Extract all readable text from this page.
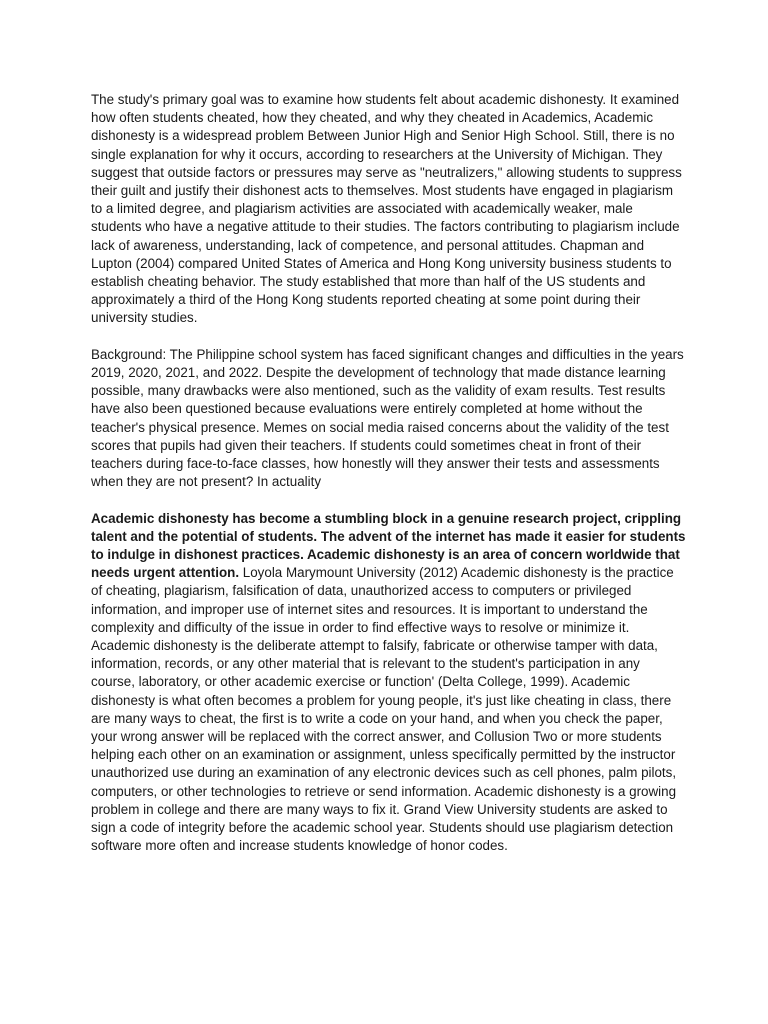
The study's primary goal was to examine how students felt about academic dishonesty. It examined how often students cheated, how they cheated, and why they cheated in Academics, Academic dishonesty is a widespread problem Between Junior High and Senior High School. Still, there is no single explanation for why it occurs, according to researchers at the University of Michigan. They suggest that outside factors or pressures may serve as "neutralizers," allowing students to suppress their guilt and justify their dishonest acts to themselves. Most students have engaged in plagiarism to a limited degree, and plagiarism activities are associated with academically weaker, male students who have a negative attitude to their studies. The factors contributing to plagiarism include lack of awareness, understanding, lack of competence, and personal attitudes. Chapman and Lupton (2004) compared United States of America and Hong Kong university business students to establish cheating behavior. The study established that more than half of the US students and approximately a third of the Hong Kong students reported cheating at some point during their university studies.

Background: The Philippine school system has faced significant changes and difficulties in the years 2019, 2020, 2021, and 2022. Despite the development of technology that made distance learning possible, many drawbacks were also mentioned, such as the validity of exam results. Test results have also been questioned because evaluations were entirely completed at home without the teacher's physical presence. Memes on social media raised concerns about the validity of the test scores that pupils had given their teachers. If students could sometimes cheat in front of their teachers during face-to-face classes, how honestly will they answer their tests and assessments when they are not present? In actuality

Academic dishonesty has become a stumbling block in a genuine research project, crippling talent and the potential of students. The advent of the internet has made it easier for students to indulge in dishonest practices. Academic dishonesty is an area of concern worldwide that needs urgent attention. Loyola Marymount University (2012) Academic dishonesty is the practice of cheating, plagiarism, falsification of data, unauthorized access to computers or privileged information, and improper use of internet sites and resources. It is important to understand the complexity and difficulty of the issue in order to find effective ways to resolve or minimize it. Academic dishonesty is the deliberate attempt to falsify, fabricate or otherwise tamper with data, information, records, or any other material that is relevant to the student's participation in any course, laboratory, or other academic exercise or function' (Delta College, 1999). Academic dishonesty is what often becomes a problem for young people, it's just like cheating in class, there are many ways to cheat, the first is to write a code on your hand, and when you check the paper, your wrong answer will be replaced with the correct answer, and Collusion Two or more students helping each other on an examination or assignment, unless specifically permitted by the instructor unauthorized use during an examination of any electronic devices such as cell phones, palm pilots, computers, or other technologies to retrieve or send information. Academic dishonesty is a growing problem in college and there are many ways to fix it. Grand View University students are asked to sign a code of integrity before the academic school year. Students should use plagiarism detection software more often and increase students knowledge of honor codes.
